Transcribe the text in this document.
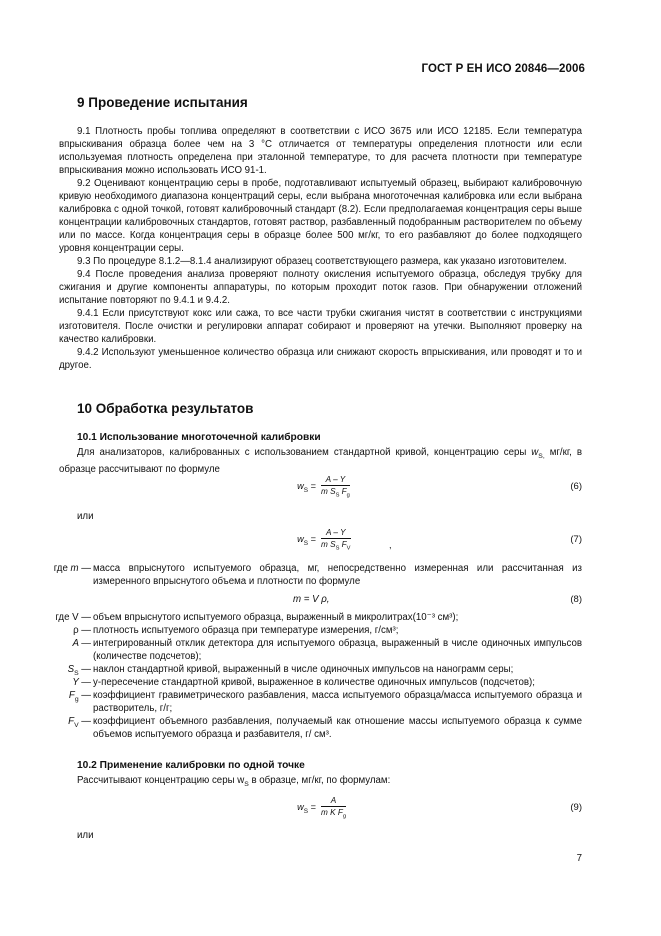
ГОСТ Р ЕН ИСО 20846—2006
9 Проведение испытания

9.1 Плотность пробы топлива определяют в соответствии с ИСО 3675 или ИСО 12185. Если температура впрыскивания образца более чем на 3 °С отличается от температуры определения плотности или если используемая плотность определена при эталонной температуре, то для расчета плотности при температуре впрыскивания можно использовать ИСО 91-1.

9.2 Оценивают концентрацию серы в пробе, подготавливают испытуемый образец, выбирают калибровочную кривую необходимого диапазона концентраций серы, если выбрана многоточечная калибровка или если выбрана калибровка с одной точкой, готовят калибровочный стандарт (8.2). Если предполагаемая концентрация серы выше концентрации калибровочных стандартов, готовят раствор, разбавленный подобранным растворителем по объему или по массе. Когда концентрация серы в образце более 500 мг/кг, то его разбавляют до более подходящего уровня концентрации серы.

9.3 По процедуре 8.1.2—8.1.4 анализируют образец соответствующего размера, как указано изготовителем.

9.4 После проведения анализа проверяют полноту окисления испытуемого образца, обследуя трубку для сжигания и другие компоненты аппаратуры, по которым проходит поток газов. При обнаружении отложений испытание повторяют по 9.4.1 и 9.4.2.

9.4.1 Если присутствуют кокс или сажа, то все части трубки сжигания чистят в соответствии с инструкциями изготовителя. После очистки и регулировки аппарат собирают и проверяют на утечки. Выполняют проверку на качество калибровки.

9.4.2 Используют уменьшенное количество образца или снижают скорость впрыскивания, или проводят и то и другое.

10 Обработка результатов
10.1 Использование многоточечной калибровки

Для анализаторов, калиброванных с использованием стандартной кривой, концентрацию серы $w_{S,}$ мг/кг, в образце рассчитывают по формуле

$w_S = \frac{A - Y}{m S_S F_g}$	(6)
или
$w_S = \frac{A - Y}{m S_S F_V}$	,	(7)
где m — масса впрыснутого испытуемого образца, мг, непосредственно измеренная или рассчитанная из измеренного впрыснутого объема и плотности по формуле
m = V ρ,	(8)
где V — объем впрыснутого испытуемого образца, выраженный в микролитрах(10⁻³ см³);
ρ — плотность испытуемого образца при температуре измерения, г/см³;
A — интегрированный отклик детектора для испытуемого образца, выраженный в числе одиночных импульсов (количестве подсчетов);
$S_S$ — наклон стандартной кривой, выраженный в числе одиночных импульсов на нанограмм серы;
Y — у-пересечение стандартной кривой, выраженное в количестве одиночных импульсов (подсчетов);
$F_g$ — коэффициент гравиметрического разбавления, масса испытуемого образца/масса испытуемого образца и растворитель, г/г;
$F_V$ — коэффициент объемного разбавления, получаемый как отношение массы испытуемого образца к сумме объемов испытуемого образца и разбавителя, г/ см³.
10.2 Применение калибровки по одной точке

Рассчитывают концентрацию серы $w_S$ в образце, мг/кг, по формулам:

$w_S = \frac{A}{m K F_g}$	(9)
или
7
